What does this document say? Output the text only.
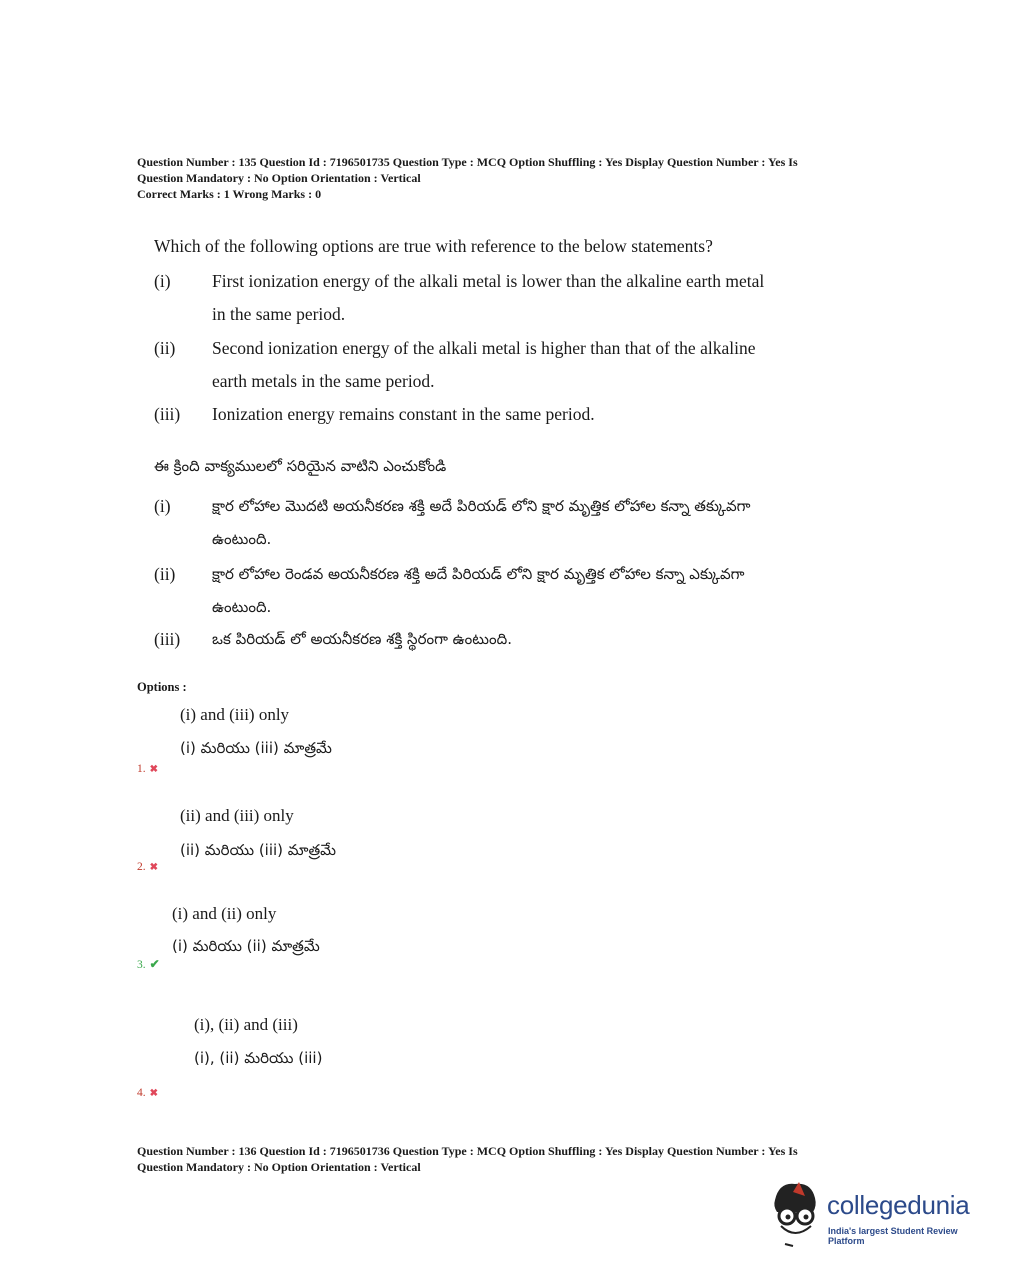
Question Number : 135 Question Id : 7196501735 Question Type : MCQ Option Shuffling : Yes Display Question Number : Yes Is
Question Mandatory : No Option Orientation : Vertical
Correct Marks : 1 Wrong Marks : 0
Which of the following options are true with reference to the below statements?
(i)	First ionization energy of the alkali metal is lower than the alkaline earth metal
in the same period.
(ii)	Second ionization energy of the alkali metal is higher than that of the alkaline
earth metals in the same period.
(iii)	Ionization energy remains constant in the same period.
ఈ క్రింది వాక్యములలో సరియైన వాటిని ఎంచుకోండి
(i)	క్షార లోహాల మొదటి అయనీకరణ శక్తి అదే పిరియడ్ లోని క్షార మృత్తిక లోహాల కన్నా తక్కువగా
ఉంటుంది.
(ii)	క్షార లోహాల రెండవ అయనీకరణ శక్తి అదే పిరియడ్ లోని క్షార మృత్తిక లోహాల కన్నా ఎక్కువగా
ఉంటుంది.
(iii)	ఒక పిరియడ్ లో అయనీకరణ శక్తి స్థిరంగా ఉంటుంది.
Options :
(i) and (iii) only
(i) మరియు (iii) మాత్రమే
1. ✖
(ii) and (iii) only
(ii) మరియు (iii) మాత్రమే
2. ✖
(i) and (ii) only
(i) మరియు (ii) మాత్రమే
3. ✔
(i), (ii) and (iii)
(i), (ii) మరియు (iii)
4. ✖
Question Number : 136 Question Id : 7196501736 Question Type : MCQ Option Shuffling : Yes Display Question Number : Yes Is
Question Mandatory : No Option Orientation : Vertical
collegedunia
India's largest Student Review Platform
